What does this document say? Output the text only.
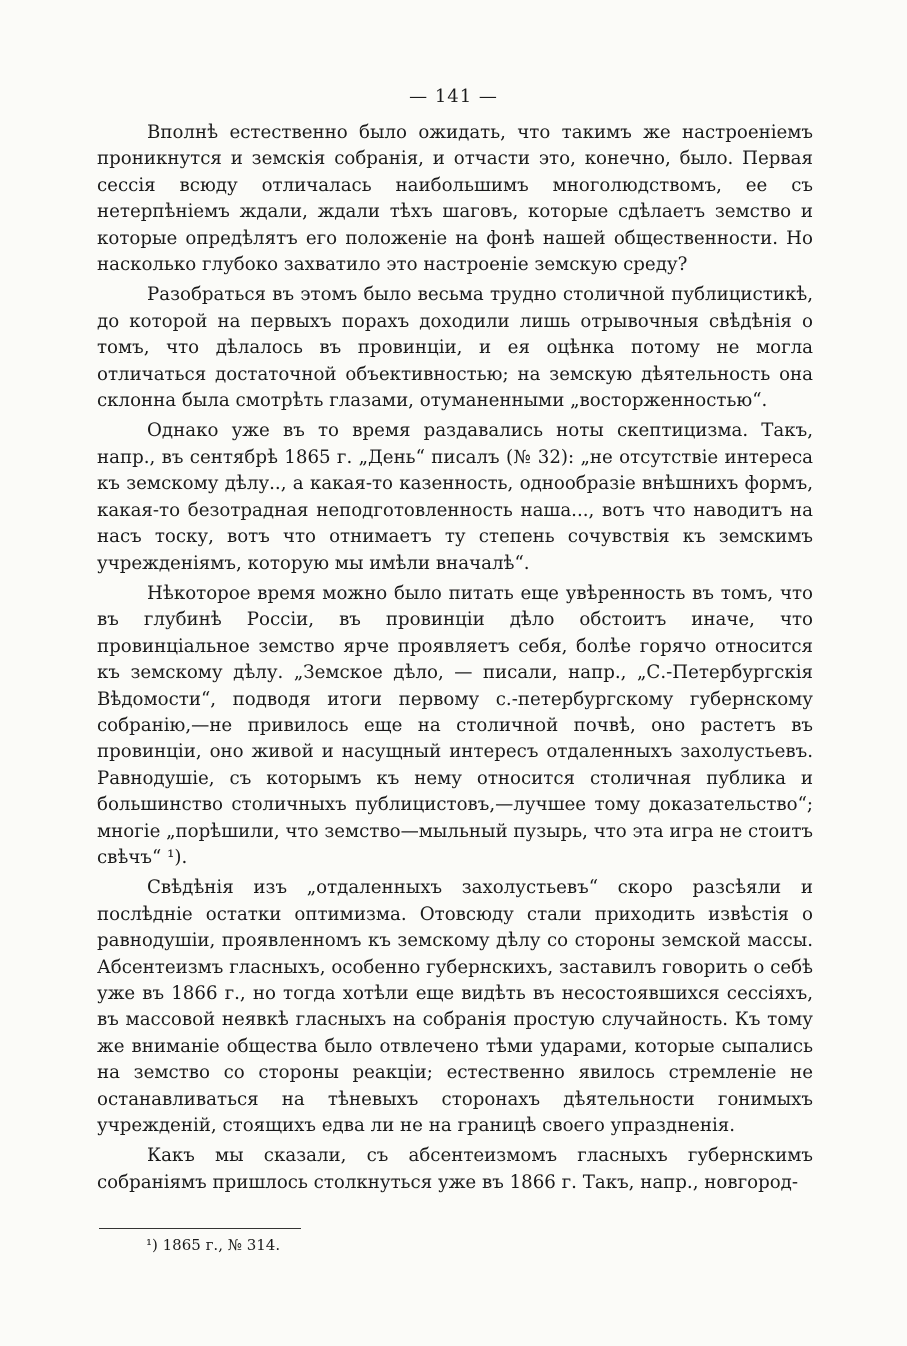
— 141 —

Вполнѣ естественно было ожидать, что такимъ же настроеніемъ проникнутся и земскія собранія, и отчасти это, конечно, было. Первая сессія всюду отличалась наибольшимъ многолюдствомъ, ее съ нетерпѣніемъ ждали, ждали тѣхъ шаговъ, которые сдѣлаетъ земство и которые опредѣлятъ его положеніе на фонѣ нашей общественности. Но насколько глубоко захватило это настроеніе земскую среду?

Разобраться въ этомъ было весьма трудно столичной публицистикѣ, до которой на первыхъ порахъ доходили лишь отрывочныя свѣдѣнія о томъ, что дѣлалось въ провинціи, и ея оцѣнка потому не могла отличаться достаточной объективностью; на земскую дѣятельность она склонна была смотрѣть глазами, отуманенными „восторженностью“.

Однако уже въ то время раздавались ноты скептицизма. Такъ, напр., въ сентябрѣ 1865 г. „День“ писалъ (№ 32): „не отсутствіе интереса къ земскому дѣлу.., а какая-то казенность, однообразіе внѣшнихъ формъ, какая-то безотрадная неподготовленность наша..., вотъ что наводитъ на насъ тоску, вотъ что отнимаетъ ту степень сочувствія къ земскимъ учрежденіямъ, которую мы имѣли вначалѣ“.

Нѣкоторое время можно было питать еще увѣренность въ томъ, что въ глубинѣ Россіи, въ провинціи дѣло обстоитъ иначе, что провинціальное земство ярче проявляетъ себя, болѣе горячо относится къ земскому дѣлу. „Земское дѣло, — писали, напр., „С.-Петербургскія Вѣдомости“, подводя итоги первому с.-петербургскому губернскому собранію,—не привилось еще на столичной почвѣ, оно растетъ въ провинціи, оно живой и насущный интересъ отдаленныхъ захолустьевъ. Равнодушіе, съ которымъ къ нему относится столичная публика и большинство столичныхъ публицистовъ,—лучшее тому доказательство“; многіе „порѣшили, что земство—мыльный пузырь, что эта игра не стоитъ свѣчъ“ ¹).

Свѣдѣнія изъ „отдаленныхъ захолустьевъ“ скоро разсѣяли и послѣдніе остатки оптимизма. Отовсюду стали приходить извѣстія о равнодушіи, проявленномъ къ земскому дѣлу со стороны земской массы. Абсентеизмъ гласныхъ, особенно губернскихъ, заставилъ говорить о себѣ уже въ 1866 г., но тогда хотѣли еще видѣть въ несостоявшихся сессіяхъ, въ массовой неявкѣ гласныхъ на собранія простую случайность. Къ тому же вниманіе общества было отвлечено тѣми ударами, которые сыпались на земство со стороны реакціи; естественно явилось стремленіе не останавливаться на тѣневыхъ сторонахъ дѣятельности гонимыхъ учрежденій, стоящихъ едва ли не на границѣ своего упраздненія.

Какъ мы сказали, съ абсентеизмомъ гласныхъ губернскимъ собраніямъ пришлось столкнуться уже въ 1866 г. Такъ, напр., новгород-

¹) 1865 г., № 314.
